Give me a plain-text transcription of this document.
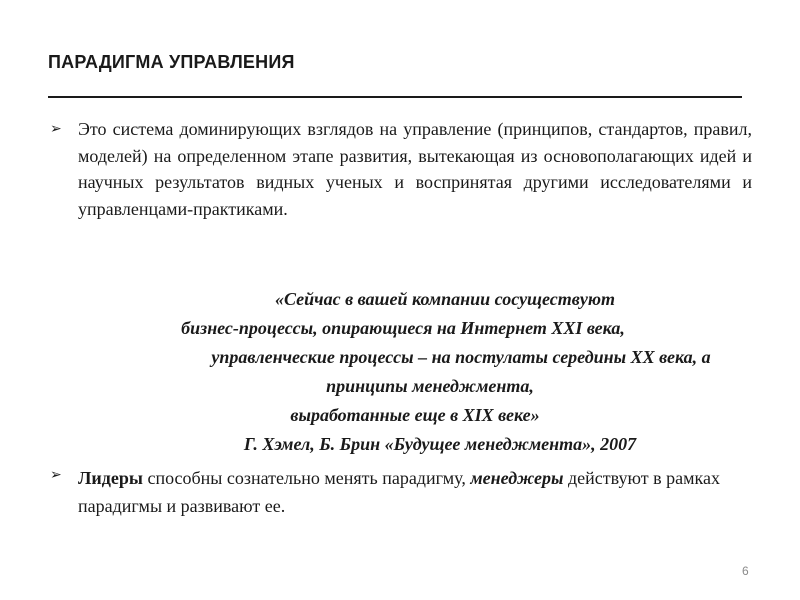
ПАРАДИГМА УПРАВЛЕНИЯ
➢ Это система доминирующих взглядов на управление (принципов, стандартов, правил, моделей) на определенном этапе развития, вытекающая из основополагающих идей и научных результатов видных ученых и воспринятая другими исследователями и управленцами-практиками.
«Сейчас в вашей компании сосуществуют
бизнес-процессы, опирающиеся на Интернет XXI века,
управленческие процессы – на постулаты середины XX века, а
принципы менеджмента,
выработанные еще в XIX веке»
Г. Хэмел, Б. Брин «Будущее менеджмента», 2007
➢ Лидеры способны сознательно менять парадигму, менеджеры действуют в рамках парадигмы и развивают ее.
6
